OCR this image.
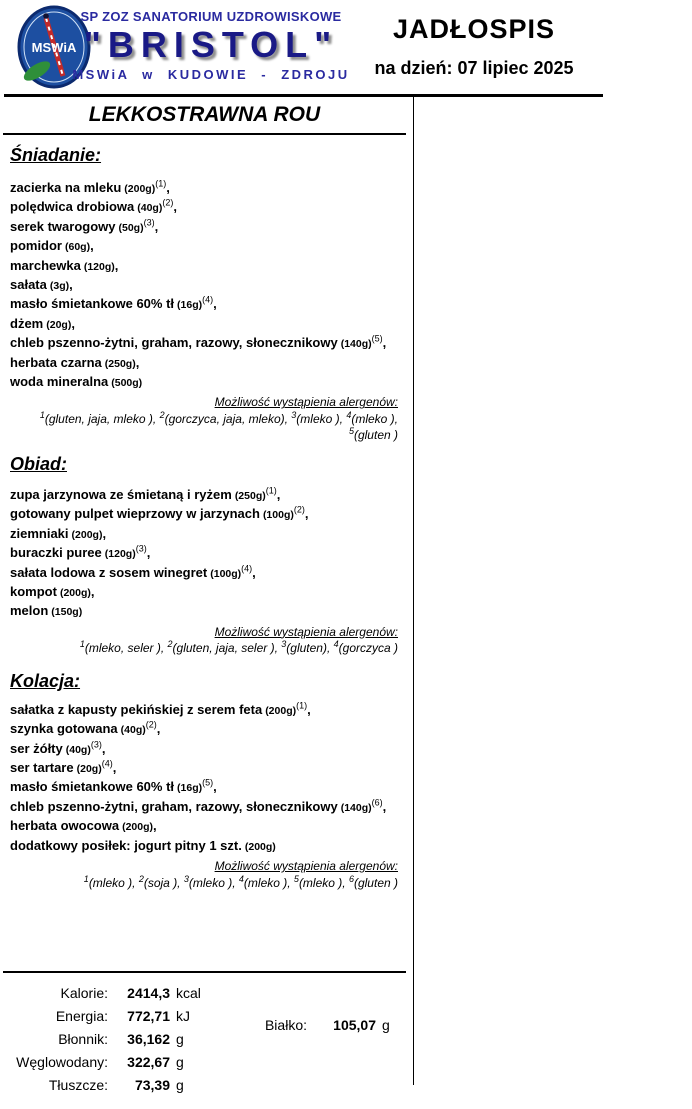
MSWiA
SP ZOZ SANATORIUM UZDROWISKOWE
"BRISTOL"
MSWiA w KUDOWIE - ZDROJU
JADŁOSPIS
na dzień: 07 lipiec 2025
LEKKOSTRAWNA ROU
Śniadanie:
zacierka na mleku $(200g)^{(1)}$,
polędwica drobiowa $(40g)^{(2)}$,
serek twarogowy $(50g)^{(3)}$,
pomidor (60g),
marchewka (120g),
sałata (3g),
masło śmietankowe 60% tł $(16g)^{(4)}$,
dżem (20g),
chleb pszenno-żytni, graham, razowy, słonecznikowy $(140g)^{(5)}$,
herbata czarna (250g),
woda mineralna (500g)
Możliwość wystąpienia alergenów:
$^1$(gluten, jaja, mleko ), $^2$(gorczyca, jaja, mleko), $^3$(mleko ), $^4$(mleko ),
$^5$(gluten )
Obiad:
zupa jarzynowa ze śmietaną i ryżem $(250g)^{(1)}$,
gotowany pulpet wieprzowy w jarzynach $(100g)^{(2)}$,
ziemniaki (200g),
buraczki puree $(120g)^{(3)}$,
sałata lodowa z sosem winegret $(100g)^{(4)}$,
kompot (200g),
melon (150g)
Możliwość wystąpienia alergenów:
$^1$(mleko, seler ), $^2$(gluten, jaja, seler ), $^3$(gluten), $^4$(gorczyca )
Kolacja:
sałatka z kapusty pekińskiej z serem feta $(200g)^{(1)}$,
szynka gotowana $(40g)^{(2)}$,
ser żółty $(40g)^{(3)}$,
ser tartare $(20g)^{(4)}$,
masło śmietankowe 60% tł $(16g)^{(5)}$,
chleb pszenno-żytni, graham, razowy, słonecznikowy $(140g)^{(6)}$,
herbata owocowa (200g),
dodatkowy posiłek: jogurt pitny 1 szt. (200g)
Możliwość wystąpienia alergenów:
$^1$(mleko ), $^2$(soja ), $^3$(mleko ), $^4$(mleko ), $^5$(mleko ), $^6$(gluten )
Kalorie:	2414,3 kcal
Energia:	772,71 kJ
Błonnik:	36,162 g
Węglowodany:	322,67 g
Tłuszcze:	73,39 g
Białko:	105,07 g
